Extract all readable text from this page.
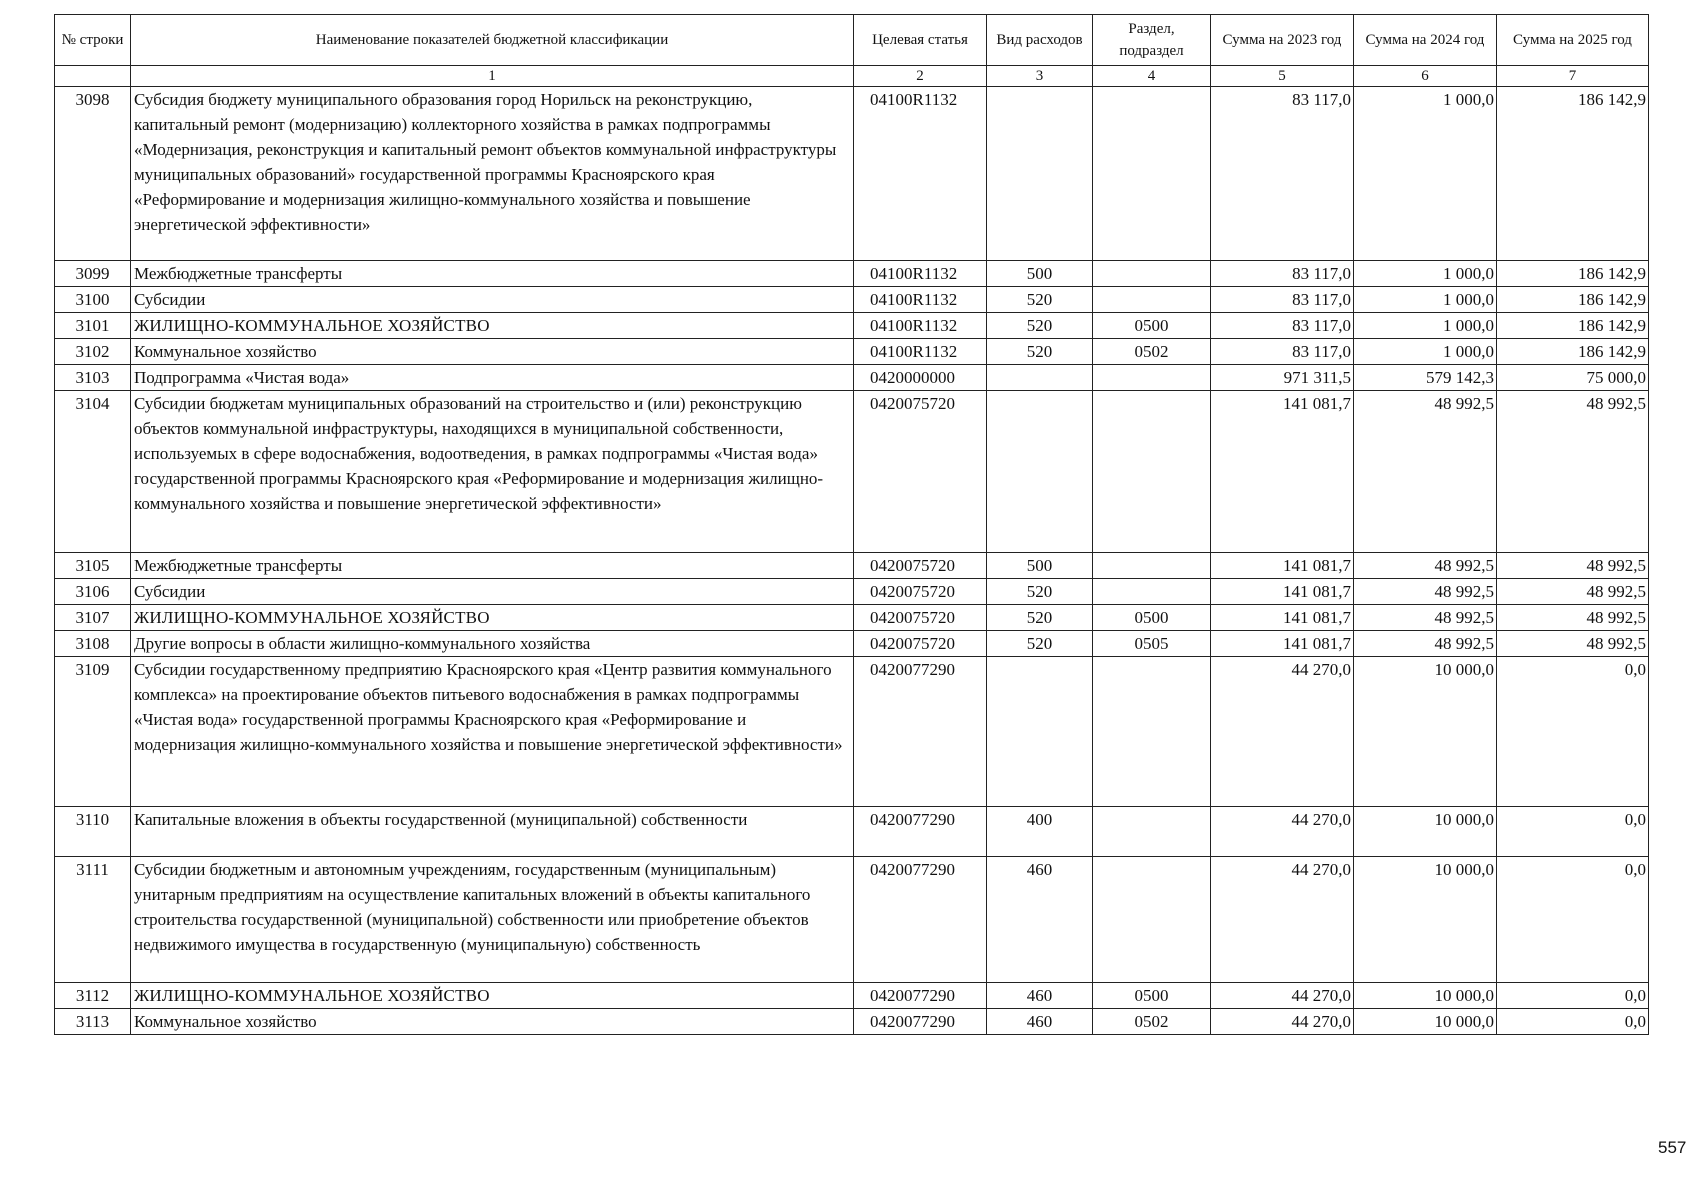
№ строки	Наименование показателей бюджетной классификации	Целевая статья	Вид расходов	Раздел, подраздел	Сумма на 2023 год	Сумма на 2024 год	Сумма на 2025 год
	1	2	3	4	5	6	7
3098	Субсидия бюджету муниципального образования город Норильск на реконструкцию, капитальный ремонт (модернизацию) коллекторного хозяйства в рамках подпрограммы «Модернизация, реконструкция и капитальный ремонт объектов коммунальной инфраструктуры муниципальных образований» государственной программы Красноярского края «Реформирование и модернизация жилищно-коммунального хозяйства и повышение энергетической эффективности»	04100R1132			83 117,0	1 000,0	186 142,9
3099	Межбюджетные трансферты	04100R1132	500		83 117,0	1 000,0	186 142,9
3100	Субсидии	04100R1132	520		83 117,0	1 000,0	186 142,9
3101	ЖИЛИЩНО-КОММУНАЛЬНОЕ ХОЗЯЙСТВО	04100R1132	520	0500	83 117,0	1 000,0	186 142,9
3102	Коммунальное хозяйство	04100R1132	520	0502	83 117,0	1 000,0	186 142,9
3103	Подпрограмма «Чистая вода»	0420000000			971 311,5	579 142,3	75 000,0
3104	Субсидии бюджетам муниципальных образований на строительство и (или) реконструкцию объектов коммунальной инфраструктуры, находящихся в муниципальной собственности, используемых в сфере водоснабжения, водоотведения, в рамках подпрограммы «Чистая вода» государственной программы Красноярского края «Реформирование и модернизация жилищно-коммунального хозяйства и повышение энергетической эффективности»	0420075720			141 081,7	48 992,5	48 992,5
3105	Межбюджетные трансферты	0420075720	500		141 081,7	48 992,5	48 992,5
3106	Субсидии	0420075720	520		141 081,7	48 992,5	48 992,5
3107	ЖИЛИЩНО-КОММУНАЛЬНОЕ ХОЗЯЙСТВО	0420075720	520	0500	141 081,7	48 992,5	48 992,5
3108	Другие вопросы в области жилищно-коммунального хозяйства	0420075720	520	0505	141 081,7	48 992,5	48 992,5
3109	Субсидии государственному предприятию Красноярского края «Центр развития коммунального комплекса» на проектирование объектов питьевого водоснабжения в рамках подпрограммы «Чистая вода» государственной программы Красноярского края «Реформирование и модернизация жилищно-коммунального хозяйства и повышение энергетической эффективности»	0420077290			44 270,0	10 000,0	0,0
3110	Капитальные вложения в объекты государственной (муниципальной) собственности	0420077290	400		44 270,0	10 000,0	0,0
3111	Субсидии бюджетным и автономным учреждениям, государственным (муниципальным) унитарным предприятиям на осуществление капитальных вложений в объекты капитального строительства государственной (муниципальной) собственности или приобретение объектов недвижимого имущества в государственную (муниципальную) собственность	0420077290	460		44 270,0	10 000,0	0,0
3112	ЖИЛИЩНО-КОММУНАЛЬНОЕ ХОЗЯЙСТВО	0420077290	460	0500	44 270,0	10 000,0	0,0
3113	Коммунальное хозяйство	0420077290	460	0502	44 270,0	10 000,0	0,0
557
